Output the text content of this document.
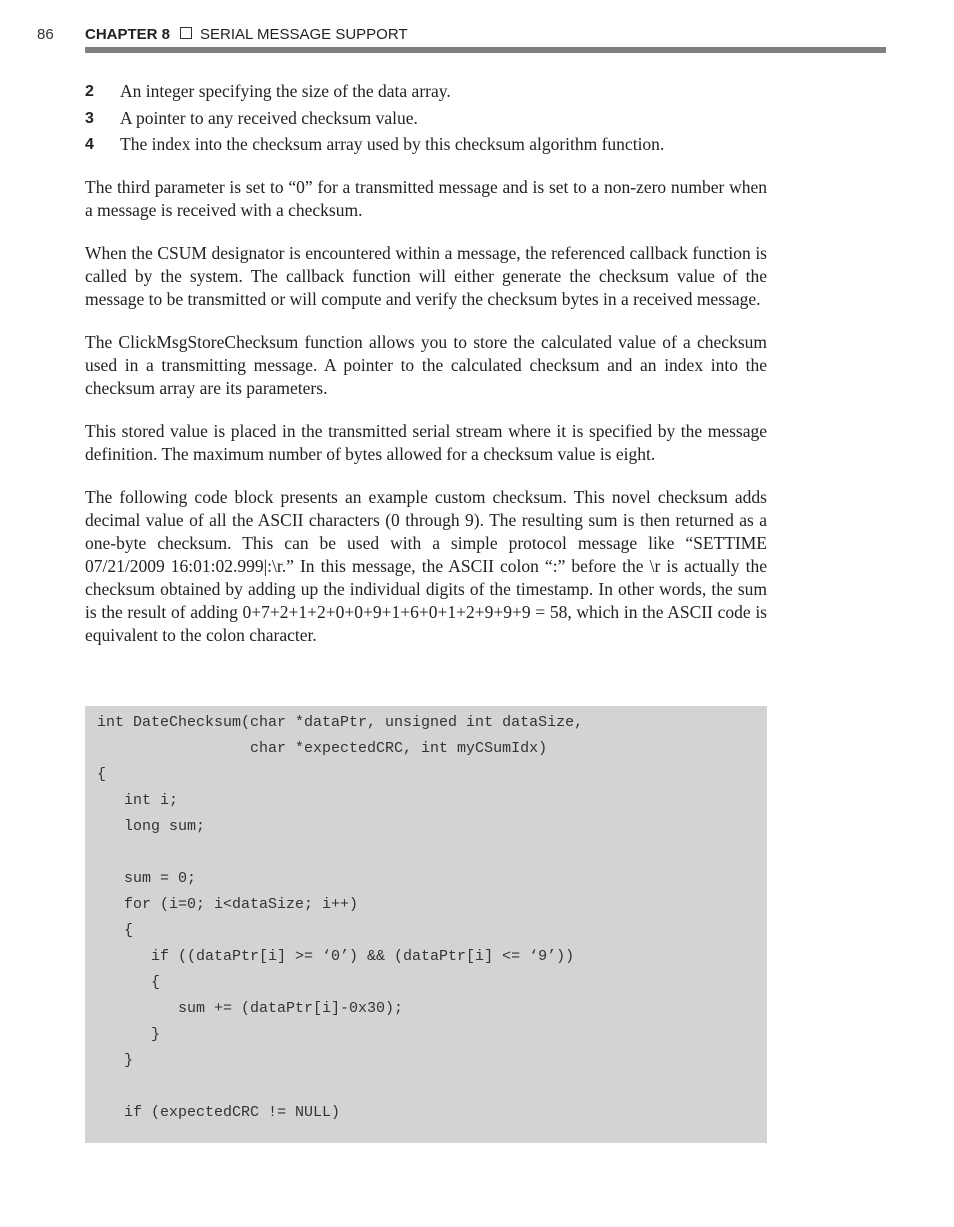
86 CHAPTER 8 SERIAL MESSAGE SUPPORT
2	An integer specifying the size of the data array.
3	A pointer to any received checksum value.
4	The index into the checksum array used by this checksum algorithm function.

The third parameter is set to “0” for a transmitted message and is set to a non-zero number when a message is received with a checksum.

When the CSUM designator is encountered within a message, the referenced callback function is called by the system. The callback function will either generate the checksum value of the message to be transmitted or will compute and verify the checksum bytes in a received message.

The ClickMsgStoreChecksum function allows you to store the calculated value of a checksum used in a transmitting message. A pointer to the calculated checksum and an index into the checksum array are its parameters.

This stored value is placed in the transmitted serial stream where it is specified by the message definition. The maximum number of bytes allowed for a checksum value is eight.

The following code block presents an example custom checksum. This novel checksum adds decimal value of all the ASCII characters (0 through 9). The resulting sum is then returned as a one-byte checksum. This can be used with a simple protocol message like “SETTIME 07/21/2009 16:01:02.999|:\r.” In this message, the ASCII colon “:” before the \r is actually the checksum obtained by adding up the individual digits of the timestamp. In other words, the sum is the result of adding 0+7+2+1+2+0+0+9+1+6+0+1+2+9+9+9 = 58, which in the ASCII code is equivalent to the colon character.

int DateChecksum(char *dataPtr, unsigned int dataSize,
char *expectedCRC, int myCSumIdx)
{
int i;
long sum;
sum = 0;
for (i=0; i<dataSize; i++)
{
if ((dataPtr[i] >= ‘0’) && (dataPtr[i] <= ‘9’))
{
sum += (dataPtr[i]-0x30);
}
}
if (expectedCRC != NULL)
